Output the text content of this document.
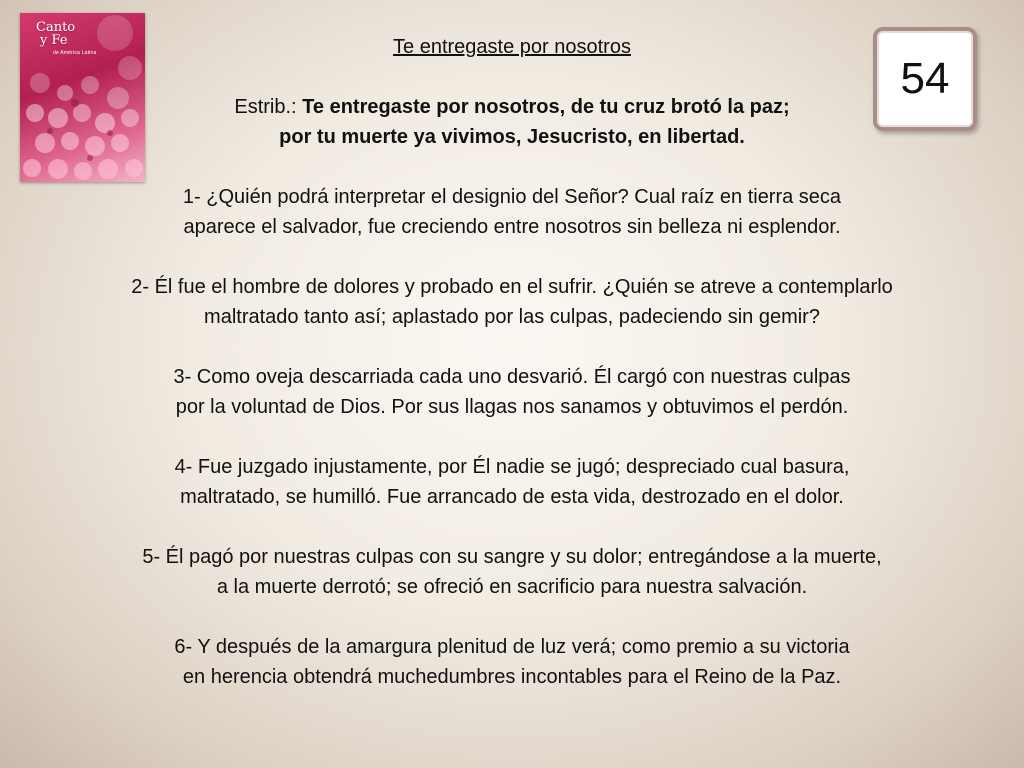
Canto
y Fe
de América Latina
54

Te entregaste por nosotros

Estrib.: Te entregaste por nosotros, de tu cruz brotó la paz;
por tu muerte ya vivimos, Jesucristo, en libertad.

1- ¿Quién podrá interpretar el designio del Señor? Cual raíz en tierra seca
aparece el salvador, fue creciendo entre nosotros sin belleza ni esplendor.

2- Él fue el hombre de dolores y probado en el sufrir. ¿Quién se atreve a contemplarlo
maltratado tanto así; aplastado por las culpas, padeciendo sin gemir?

3- Como oveja descarriada cada uno desvarió. Él cargó con nuestras culpas
por la voluntad de Dios. Por sus llagas nos sanamos y obtuvimos el perdón.

4- Fue juzgado injustamente, por Él nadie se jugó; despreciado cual basura,
maltratado, se humilló. Fue arrancado de esta vida, destrozado en el dolor.

5- Él pagó por nuestras culpas con su sangre y su dolor; entregándose a la muerte,
a la muerte derrotó; se ofreció en sacrificio para nuestra salvación.

6- Y después de la amargura plenitud de luz verá; como premio a su victoria
en herencia obtendrá muchedumbres incontables para el Reino de la Paz.
